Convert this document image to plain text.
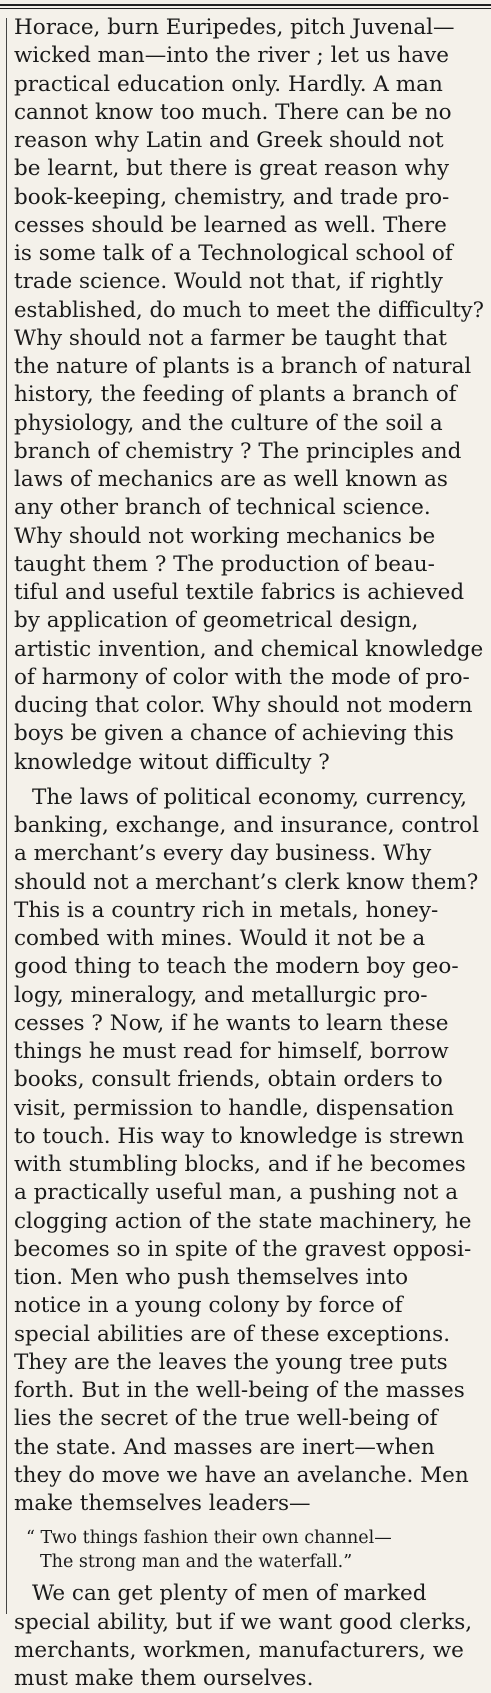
Horace, burn Euripedes, pitch Juvenal—
wicked man—into the river ; let us have
practical education only. Hardly. A man
cannot know too much. There can be no
reason why Latin and Greek should not
be learnt, but there is great reason why
book-keeping, chemistry, and trade pro-
cesses should be learned as well. There
is some talk of a Technological school of
trade science. Would not that, if rightly
established, do much to meet the difficulty?
Why should not a farmer be taught that
the nature of plants is a branch of natural
history, the feeding of plants a branch of
physiology, and the culture of the soil a
branch of chemistry ? The principles and
laws of mechanics are as well known as
any other branch of technical science.
Why should not working mechanics be
taught them ? The production of beau-
tiful and useful textile fabrics is achieved
by application of geometrical design,
artistic invention, and chemical knowledge
of harmony of color with the mode of pro-
ducing that color. Why should not modern
boys be given a chance of achieving this
knowledge witout difficulty ?
The laws of political economy, currency,
banking, exchange, and insurance, control
a merchant’s every day business. Why
should not a merchant’s clerk know them?
This is a country rich in metals, honey-
combed with mines. Would it not be a
good thing to teach the modern boy geo-
logy, mineralogy, and metallurgic pro-
cesses ? Now, if he wants to learn these
things he must read for himself, borrow
books, consult friends, obtain orders to
visit, permission to handle, dispensation
to touch. His way to knowledge is strewn
with stumbling blocks, and if he becomes
a practically useful man, a pushing not a
clogging action of the state machinery, he
becomes so in spite of the gravest opposi-
tion. Men who push themselves into
notice in a young colony by force of
special abilities are of these exceptions.
They are the leaves the young tree puts
forth. But in the well-being of the masses
lies the secret of the true well-being of
the state. And masses are inert—when
they do move we have an avelanche. Men
make themselves leaders—
“ Two things fashion their own channel—
The strong man and the waterfall.”
We can get plenty of men of marked
special ability, but if we want good clerks,
merchants, workmen, manufacturers, we
must make them ourselves.
